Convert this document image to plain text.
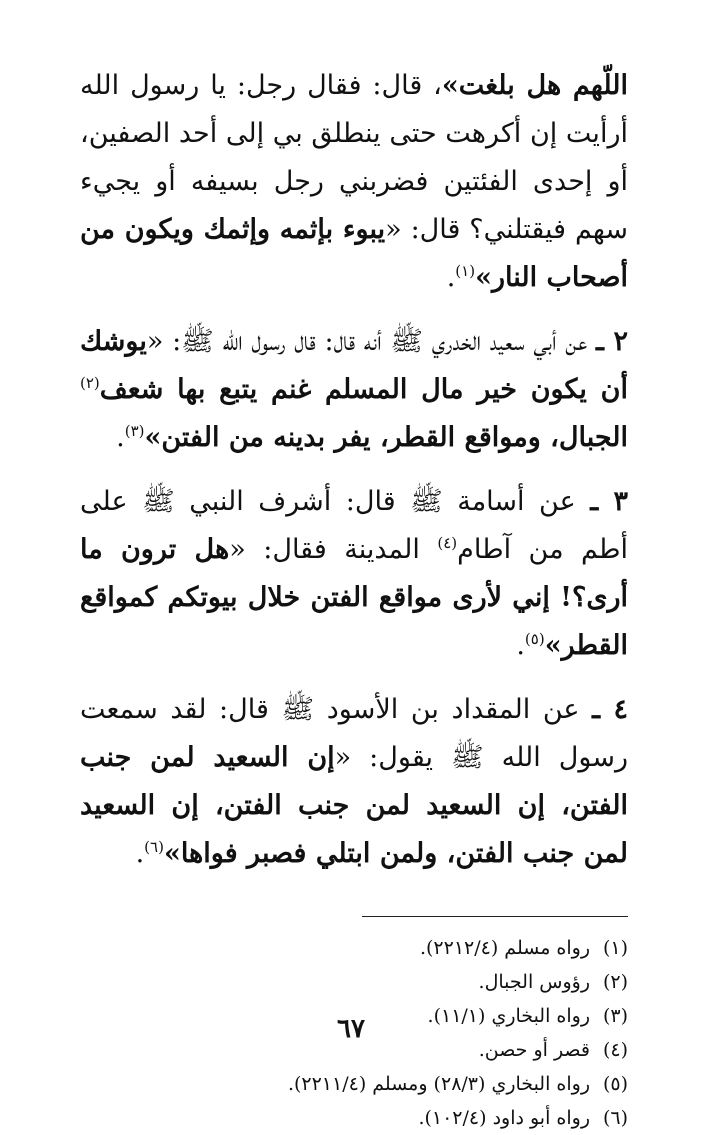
اللّهم هل بلغت»، قال: فقال رجل: يا رسول الله أرأيت إن أكرهت حتى ينطلق بي إلى أحد الصفين، أو إحدى الفئتين فضربني رجل بسيفه أو يجيء سهم فيقتلني؟ قال: «يبوء بإثمه وإثمك ويكون من أصحاب النار»$^{(١)}$.

٢ ـ عن أبي سعيد الخدري ﷺ أنه قال: قال رسول الله ﷺ: «يوشك أن يكون خير مال المسلم غنم يتبع بها شعف$^{(٢)}$ الجبال، ومواقع القطر، يفر بدينه من الفتن»$^{(٣)}$.

٣ ـ عن أسامة ﷺ قال: أشرف النبي ﷺ على أطم من آطام$^{(٤)}$ المدينة فقال: «هل ترون ما أرى؟! إني لأرى مواقع الفتن خلال بيوتكم كمواقع القطر»$^{(٥)}$.

٤ ـ عن المقداد بن الأسود ﷺ قال: لقد سمعت رسول الله ﷺ يقول: «إن السعيد لمن جنب الفتن، إن السعيد لمن جنب الفتن، إن السعيد لمن جنب الفتن، ولمن ابتلي فصبر فواها»$^{(٦)}$.

(١)رواه مسلم (٢٢١٢/٤).
(٢)رؤوس الجبال.
(٣)رواه البخاري (١١/١).
(٤)قصر أو حصن.
(٥)رواه البخاري (٢٨/٣) ومسلم (٢٢١١/٤).
(٦)رواه أبو داود (١٠٢/٤).
٦٧
